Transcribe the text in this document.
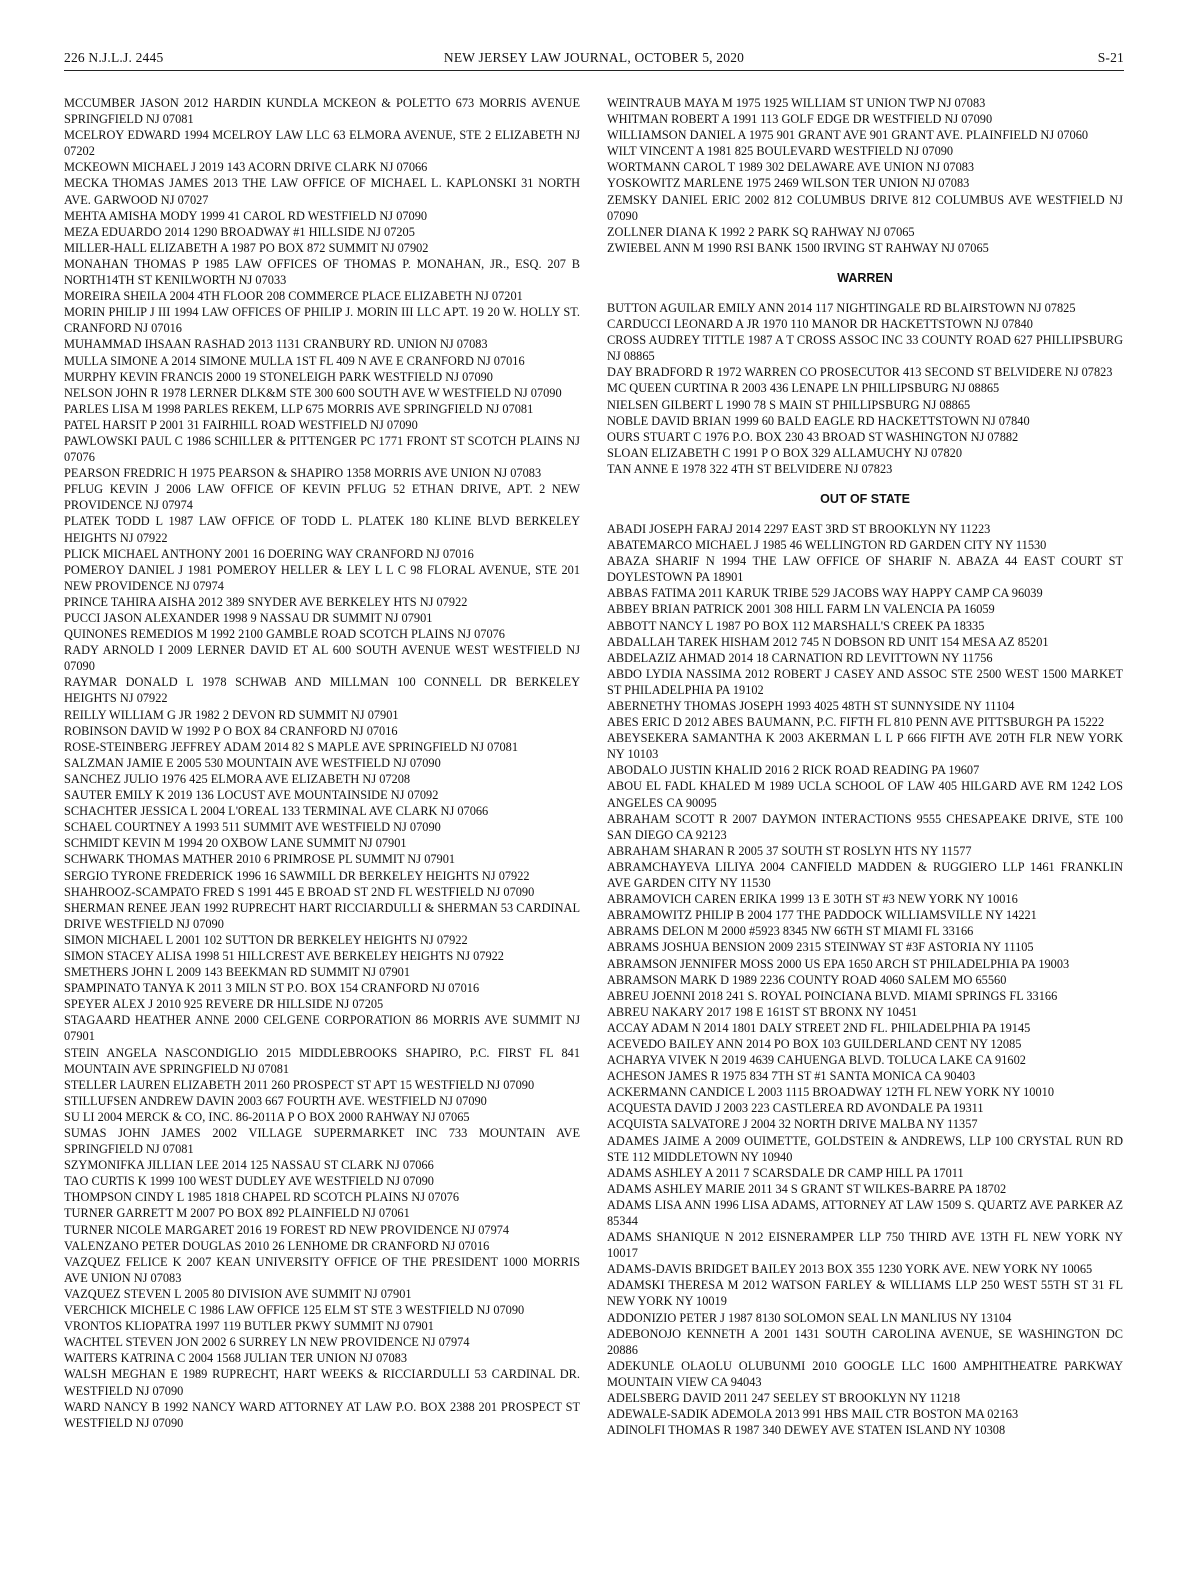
226 N.J.L.J. 2445	NEW JERSEY LAW JOURNAL, OCTOBER 5, 2020	S-21

MCCUMBER JASON 2012 HARDIN KUNDLA MCKEON & POLETTO 673 MORRIS AVENUE SPRINGFIELD NJ 07081

MCELROY EDWARD 1994 MCELROY LAW LLC 63 ELMORA AVENUE, STE 2 ELIZABETH NJ 07202

MCKEOWN MICHAEL J 2019 143 ACORN DRIVE CLARK NJ 07066

MECKA THOMAS JAMES 2013 THE LAW OFFICE OF MICHAEL L. KAPLONSKI 31 NORTH AVE. GARWOOD NJ 07027

MEHTA AMISHA MODY 1999 41 CAROL RD WESTFIELD NJ 07090

MEZA EDUARDO 2014 1290 BROADWAY #1 HILLSIDE NJ 07205

MILLER-HALL ELIZABETH A 1987 PO BOX 872 SUMMIT NJ 07902

MONAHAN THOMAS P 1985 LAW OFFICES OF THOMAS P. MONAHAN, JR., ESQ. 207 B NORTH14TH ST KENILWORTH NJ 07033

MOREIRA SHEILA 2004 4TH FLOOR 208 COMMERCE PLACE ELIZABETH NJ 07201

MORIN PHILIP J III 1994 LAW OFFICES OF PHILIP J. MORIN III LLC APT. 19 20 W. HOLLY ST. CRANFORD NJ 07016

MUHAMMAD IHSAAN RASHAD 2013 1131 CRANBURY RD. UNION NJ 07083

MULLA SIMONE A 2014 SIMONE MULLA 1ST FL 409 N AVE E CRANFORD NJ 07016

MURPHY KEVIN FRANCIS 2000 19 STONELEIGH PARK WESTFIELD NJ 07090

NELSON JOHN R 1978 LERNER DLK&M STE 300 600 SOUTH AVE W WESTFIELD NJ 07090

PARLES LISA M 1998 PARLES REKEM, LLP 675 MORRIS AVE SPRINGFIELD NJ 07081

PATEL HARSIT P 2001 31 FAIRHILL ROAD WESTFIELD NJ 07090

PAWLOWSKI PAUL C 1986 SCHILLER & PITTENGER PC 1771 FRONT ST SCOTCH PLAINS NJ 07076

PEARSON FREDRIC H 1975 PEARSON & SHAPIRO 1358 MORRIS AVE UNION NJ 07083

PFLUG KEVIN J 2006 LAW OFFICE OF KEVIN PFLUG 52 ETHAN DRIVE, APT. 2 NEW PROVIDENCE NJ 07974

PLATEK TODD L 1987 LAW OFFICE OF TODD L. PLATEK 180 KLINE BLVD BERKELEY HEIGHTS NJ 07922

PLICK MICHAEL ANTHONY 2001 16 DOERING WAY CRANFORD NJ 07016

POMEROY DANIEL J 1981 POMEROY HELLER & LEY L L C 98 FLORAL AVENUE, STE 201 NEW PROVIDENCE NJ 07974

PRINCE TAHIRA AISHA 2012 389 SNYDER AVE BERKELEY HTS NJ 07922

PUCCI JASON ALEXANDER 1998 9 NASSAU DR SUMMIT NJ 07901

QUINONES REMEDIOS M 1992 2100 GAMBLE ROAD SCOTCH PLAINS NJ 07076

RADY ARNOLD I 2009 LERNER DAVID ET AL 600 SOUTH AVENUE WEST WESTFIELD NJ 07090

RAYMAR DONALD L 1978 SCHWAB AND MILLMAN 100 CONNELL DR BERKELEY HEIGHTS NJ 07922

REILLY WILLIAM G JR 1982 2 DEVON RD SUMMIT NJ 07901

ROBINSON DAVID W 1992 P O BOX 84 CRANFORD NJ 07016

ROSE-STEINBERG JEFFREY ADAM 2014 82 S MAPLE AVE SPRINGFIELD NJ 07081

SALZMAN JAMIE E 2005 530 MOUNTAIN AVE WESTFIELD NJ 07090

SANCHEZ JULIO 1976 425 ELMORA AVE ELIZABETH NJ 07208

SAUTER EMILY K 2019 136 LOCUST AVE MOUNTAINSIDE NJ 07092

SCHACHTER JESSICA L 2004 L'OREAL 133 TERMINAL AVE CLARK NJ 07066

SCHAEL COURTNEY A 1993 511 SUMMIT AVE WESTFIELD NJ 07090

SCHMIDT KEVIN M 1994 20 OXBOW LANE SUMMIT NJ 07901

SCHWARK THOMAS MATHER 2010 6 PRIMROSE PL SUMMIT NJ 07901

SERGIO TYRONE FREDERICK 1996 16 SAWMILL DR BERKELEY HEIGHTS NJ 07922

SHAHROOZ-SCAMPATO FRED S 1991 445 E BROAD ST 2ND FL WESTFIELD NJ 07090

SHERMAN RENEE JEAN 1992 RUPRECHT HART RICCIARDULLI & SHERMAN 53 CARDINAL DRIVE WESTFIELD NJ 07090

SIMON MICHAEL L 2001 102 SUTTON DR BERKELEY HEIGHTS NJ 07922

SIMON STACEY ALISA 1998 51 HILLCREST AVE BERKELEY HEIGHTS NJ 07922

SMETHERS JOHN L 2009 143 BEEKMAN RD SUMMIT NJ 07901

SPAMPINATO TANYA K 2011 3 MILN ST P.O. BOX 154 CRANFORD NJ 07016

SPEYER ALEX J 2010 925 REVERE DR HILLSIDE NJ 07205

STAGAARD HEATHER ANNE 2000 CELGENE CORPORATION 86 MORRIS AVE SUMMIT NJ 07901

STEIN ANGELA NASCONDIGLIO 2015 MIDDLEBROOKS SHAPIRO, P.C. FIRST FL 841 MOUNTAIN AVE SPRINGFIELD NJ 07081

STELLER LAUREN ELIZABETH 2011 260 PROSPECT ST APT 15 WESTFIELD NJ 07090

STILLUFSEN ANDREW DAVIN 2003 667 FOURTH AVE. WESTFIELD NJ 07090

SU LI 2004 MERCK & CO, INC. 86-2011A P O BOX 2000 RAHWAY NJ 07065

SUMAS JOHN JAMES 2002 VILLAGE SUPERMARKET INC 733 MOUNTAIN AVE SPRINGFIELD NJ 07081

SZYMONIFKA JILLIAN LEE 2014 125 NASSAU ST CLARK NJ 07066

TAO CURTIS K 1999 100 WEST DUDLEY AVE WESTFIELD NJ 07090

THOMPSON CINDY L 1985 1818 CHAPEL RD SCOTCH PLAINS NJ 07076

TURNER GARRETT M 2007 PO BOX 892 PLAINFIELD NJ 07061

TURNER NICOLE MARGARET 2016 19 FOREST RD NEW PROVIDENCE NJ 07974

VALENZANO PETER DOUGLAS 2010 26 LENHOME DR CRANFORD NJ 07016

VAZQUEZ FELICE K 2007 KEAN UNIVERSITY OFFICE OF THE PRESIDENT 1000 MORRIS AVE UNION NJ 07083

VAZQUEZ STEVEN L 2005 80 DIVISION AVE SUMMIT NJ 07901

VERCHICK MICHELE C 1986 LAW OFFICE 125 ELM ST STE 3 WESTFIELD NJ 07090

VRONTOS KLIOPATRA 1997 119 BUTLER PKWY SUMMIT NJ 07901

WACHTEL STEVEN JON 2002 6 SURREY LN NEW PROVIDENCE NJ 07974

WAITERS KATRINA C 2004 1568 JULIAN TER UNION NJ 07083

WALSH MEGHAN E 1989 RUPRECHT, HART WEEKS & RICCIARDULLI 53 CARDINAL DR. WESTFIELD NJ 07090

WARD NANCY B 1992 NANCY WARD ATTORNEY AT LAW P.O. BOX 2388 201 PROSPECT ST WESTFIELD NJ 07090

WEINTRAUB MAYA M 1975 1925 WILLIAM ST UNION TWP NJ 07083

WHITMAN ROBERT A 1991 113 GOLF EDGE DR WESTFIELD NJ 07090

WILLIAMSON DANIEL A 1975 901 GRANT AVE 901 GRANT AVE. PLAINFIELD NJ 07060

WILT VINCENT A 1981 825 BOULEVARD WESTFIELD NJ 07090

WORTMANN CAROL T 1989 302 DELAWARE AVE UNION NJ 07083

YOSKOWITZ MARLENE 1975 2469 WILSON TER UNION NJ 07083

ZEMSKY DANIEL ERIC 2002 812 COLUMBUS DRIVE 812 COLUMBUS AVE WESTFIELD NJ 07090

ZOLLNER DIANA K 1992 2 PARK SQ RAHWAY NJ 07065

ZWIEBEL ANN M 1990 RSI BANK 1500 IRVING ST RAHWAY NJ 07065

WARREN

BUTTON AGUILAR EMILY ANN 2014 117 NIGHTINGALE RD BLAIRSTOWN NJ 07825

CARDUCCI LEONARD A JR 1970 110 MANOR DR HACKETTSTOWN NJ 07840

CROSS AUDREY TITTLE 1987 A T CROSS ASSOC INC 33 COUNTY ROAD 627 PHILLIPSBURG NJ 08865

DAY BRADFORD R 1972 WARREN CO PROSECUTOR 413 SECOND ST BELVIDERE NJ 07823

MC QUEEN CURTINA R 2003 436 LENAPE LN PHILLIPSBURG NJ 08865

NIELSEN GILBERT L 1990 78 S MAIN ST PHILLIPSBURG NJ 08865

NOBLE DAVID BRIAN 1999 60 BALD EAGLE RD HACKETTSTOWN NJ 07840

OURS STUART C 1976 P.O. BOX 230 43 BROAD ST WASHINGTON NJ 07882

SLOAN ELIZABETH C 1991 P O BOX 329 ALLAMUCHY NJ 07820

TAN ANNE E 1978 322 4TH ST BELVIDERE NJ 07823

OUT OF STATE

ABADI JOSEPH FARAJ 2014 2297 EAST 3RD ST BROOKLYN NY 11223

ABATEMARCO MICHAEL J 1985 46 WELLINGTON RD GARDEN CITY NY 11530

ABAZA SHARIF N 1994 THE LAW OFFICE OF SHARIF N. ABAZA 44 EAST COURT ST DOYLESTOWN PA 18901

ABBAS FATIMA 2011 KARUK TRIBE 529 JACOBS WAY HAPPY CAMP CA 96039

ABBEY BRIAN PATRICK 2001 308 HILL FARM LN VALENCIA PA 16059

ABBOTT NANCY L 1987 PO BOX 112 MARSHALL'S CREEK PA 18335

ABDALLAH TAREK HISHAM 2012 745 N DOBSON RD UNIT 154 MESA AZ 85201

ABDELAZIZ AHMAD 2014 18 CARNATION RD LEVITTOWN NY 11756

ABDO LYDIA NASSIMA 2012 ROBERT J CASEY AND ASSOC STE 2500 WEST 1500 MARKET ST PHILADELPHIA PA 19102

ABERNETHY THOMAS JOSEPH 1993 4025 48TH ST SUNNYSIDE NY 11104

ABES ERIC D 2012 ABES BAUMANN, P.C. FIFTH FL 810 PENN AVE PITTSBURGH PA 15222

ABEYSEKERA SAMANTHA K 2003 AKERMAN L L P 666 FIFTH AVE 20TH FLR NEW YORK NY 10103

ABODALO JUSTIN KHALID 2016 2 RICK ROAD READING PA 19607

ABOU EL FADL KHALED M 1989 UCLA SCHOOL OF LAW 405 HILGARD AVE RM 1242 LOS ANGELES CA 90095

ABRAHAM SCOTT R 2007 DAYMON INTERACTIONS 9555 CHESAPEAKE DRIVE, STE 100 SAN DIEGO CA 92123

ABRAHAM SHARAN R 2005 37 SOUTH ST ROSLYN HTS NY 11577

ABRAMCHAYEVA LILIYA 2004 CANFIELD MADDEN & RUGGIERO LLP 1461 FRANKLIN AVE GARDEN CITY NY 11530

ABRAMOVICH CAREN ERIKA 1999 13 E 30TH ST #3 NEW YORK NY 10016

ABRAMOWITZ PHILIP B 2004 177 THE PADDOCK WILLIAMSVILLE NY 14221

ABRAMS DELON M 2000 #5923 8345 NW 66TH ST MIAMI FL 33166

ABRAMS JOSHUA BENSION 2009 2315 STEINWAY ST #3F ASTORIA NY 11105

ABRAMSON JENNIFER MOSS 2000 US EPA 1650 ARCH ST PHILADELPHIA PA 19003

ABRAMSON MARK D 1989 2236 COUNTY ROAD 4060 SALEM MO 65560

ABREU JOENNI 2018 241 S. ROYAL POINCIANA BLVD. MIAMI SPRINGS FL 33166

ABREU NAKARY 2017 198 E 161ST ST BRONX NY 10451

ACCAY ADAM N 2014 1801 DALY STREET 2ND FL. PHILADELPHIA PA 19145

ACEVEDO BAILEY ANN 2014 PO BOX 103 GUILDERLAND CENT NY 12085

ACHARYA VIVEK N 2019 4639 CAHUENGA BLVD. TOLUCA LAKE CA 91602

ACHESON JAMES R 1975 834 7TH ST #1 SANTA MONICA CA 90403

ACKERMANN CANDICE L 2003 1115 BROADWAY 12TH FL NEW YORK NY 10010

ACQUESTA DAVID J 2003 223 CASTLEREA RD AVONDALE PA 19311

ACQUISTA SALVATORE J 2004 32 NORTH DRIVE MALBA NY 11357

ADAMES JAIME A 2009 OUIMETTE, GOLDSTEIN & ANDREWS, LLP 100 CRYSTAL RUN RD STE 112 MIDDLETOWN NY 10940

ADAMS ASHLEY A 2011 7 SCARSDALE DR CAMP HILL PA 17011

ADAMS ASHLEY MARIE 2011 34 S GRANT ST WILKES-BARRE PA 18702

ADAMS LISA ANN 1996 LISA ADAMS, ATTORNEY AT LAW 1509 S. QUARTZ AVE PARKER AZ 85344

ADAMS SHANIQUE N 2012 EISNERAMPER LLP 750 THIRD AVE 13TH FL NEW YORK NY 10017

ADAMS-DAVIS BRIDGET BAILEY 2013 BOX 355 1230 YORK AVE. NEW YORK NY 10065

ADAMSKI THERESA M 2012 WATSON FARLEY & WILLIAMS LLP 250 WEST 55TH ST 31 FL NEW YORK NY 10019

ADDONIZIO PETER J 1987 8130 SOLOMON SEAL LN MANLIUS NY 13104

ADEBONOJO KENNETH A 2001 1431 SOUTH CAROLINA AVENUE, SE WASHINGTON DC 20886

ADEKUNLE OLAOLU OLUBUNMI 2010 GOOGLE LLC 1600 AMPHITHEATRE PARKWAY MOUNTAIN VIEW CA 94043

ADELSBERG DAVID 2011 247 SEELEY ST BROOKLYN NY 11218

ADEWALE-SADIK ADEMOLA 2013 991 HBS MAIL CTR BOSTON MA 02163

ADINOLFI THOMAS R 1987 340 DEWEY AVE STATEN ISLAND NY 10308
